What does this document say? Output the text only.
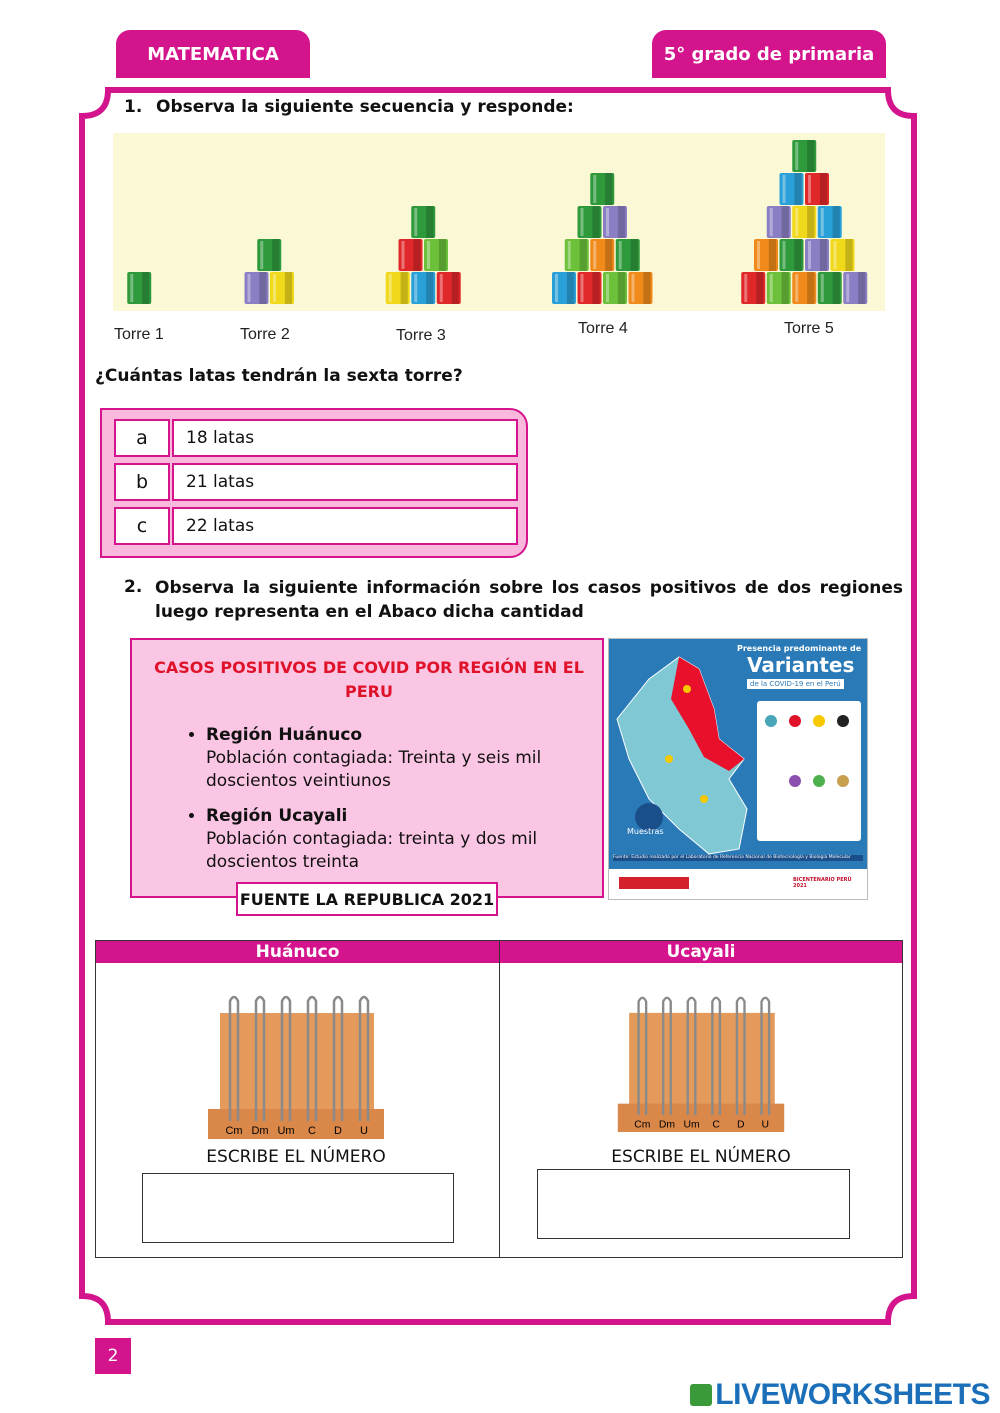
MATEMATICA	5° grado de primaria
1. Observa la siguiente secuencia y responde:
Torre 1	Torre 2	Torre 3	Torre 4	Torre 5
¿Cuántas latas tendrán la sexta torre?
a	18 latas
b	21 latas
c	22 latas
2. Observa la siguiente información sobre los casos positivos de dos regiones luego representa en el Abaco dicha cantidad
CASOS POSITIVOS DE COVID POR REGIÓN EN EL PERU
• Región Huánuco
Población contagiada: Treinta y seis mil doscientos veintiunos
• Región Ucayali
Población contagiada: treinta y dos mil doscientos treinta
FUENTE LA REPUBLICA 2021
Presencia predominante de
Variantes
de la COVID-19 en el Perú
Muestras
Fuente: Estudio realizado por el Laboratorio de Referencia Nacional de Biotecnología y Biología Molecular
BICENTENARIO PERÚ 2021
Huánuco	Ucayali
Cm Dm Um C D U
ESCRIBE EL NÚMERO
Cm Dm Um C D U
ESCRIBE EL NÚMERO
2
LIVEWORKSHEETS
